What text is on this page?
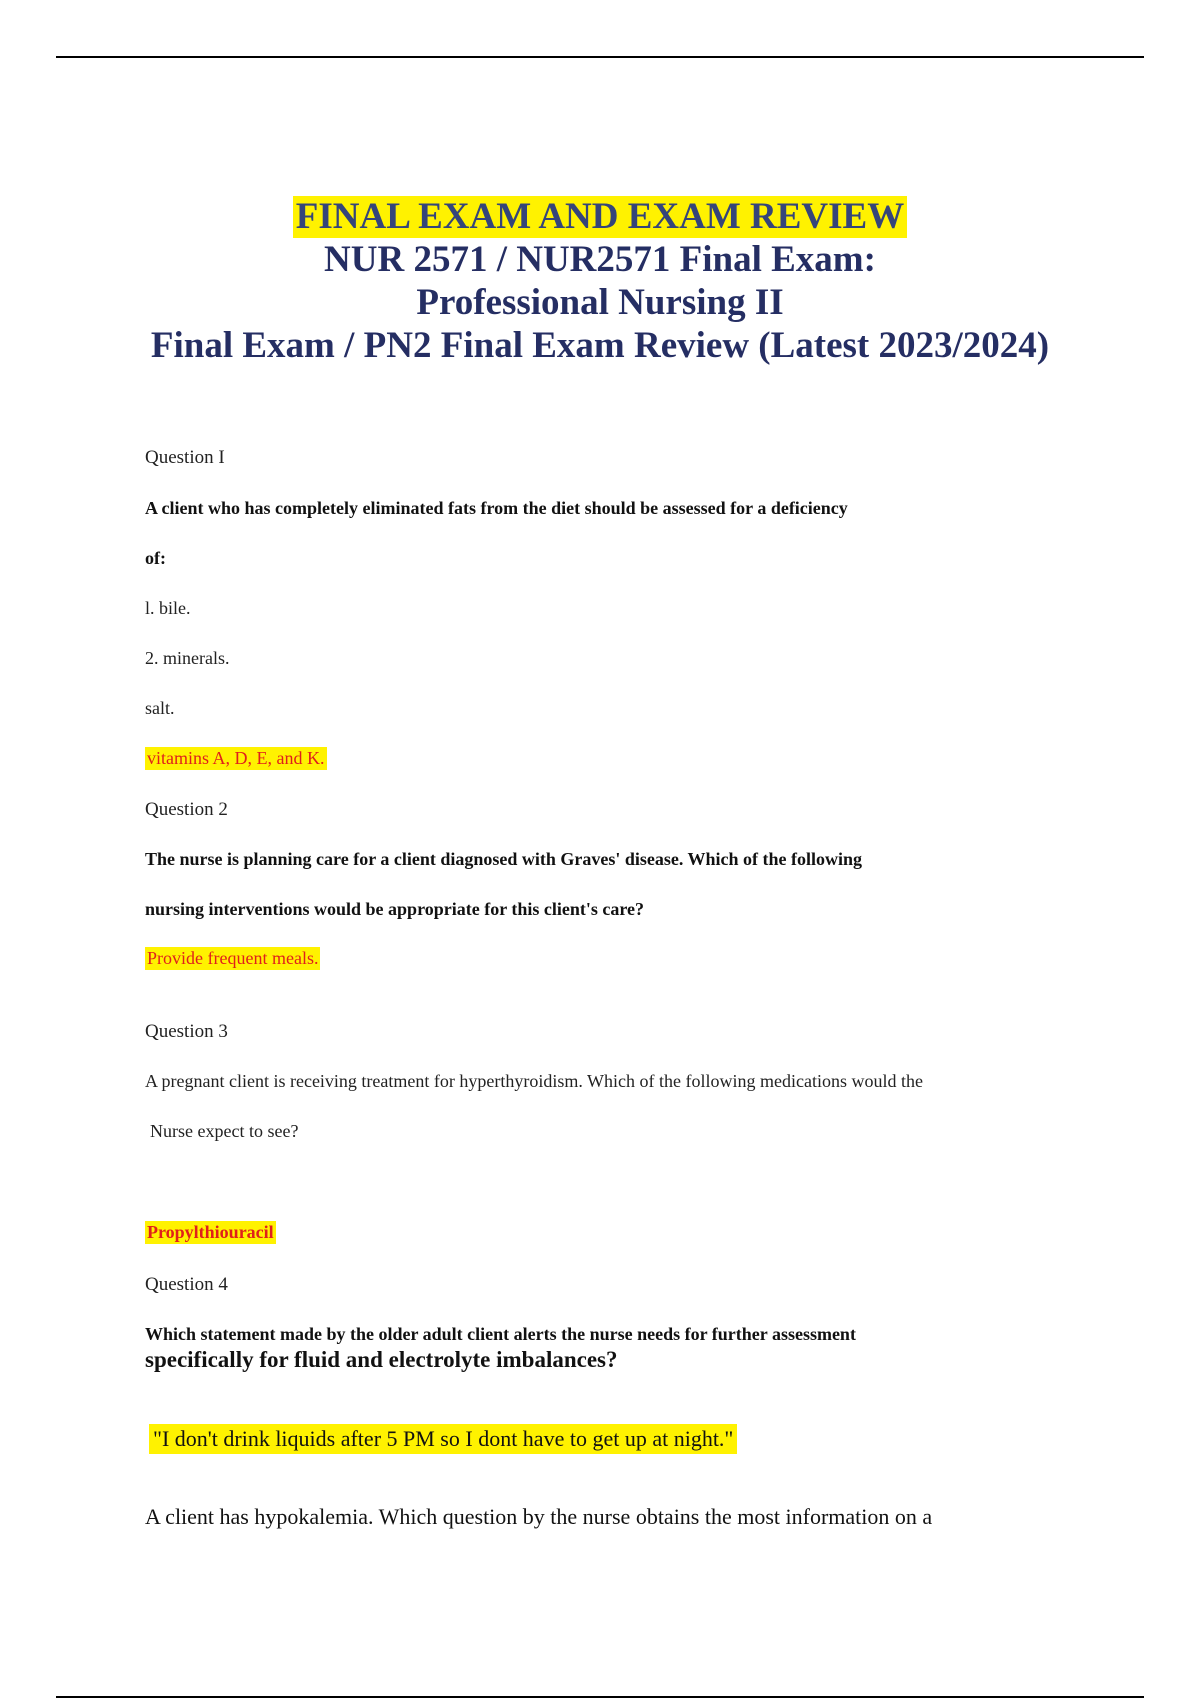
FINAL EXAM AND EXAM REVIEW
NUR 2571 / NUR2571 Final Exam:
Professional Nursing II
Final Exam / PN2 Final Exam Review (Latest 2023/2024)
Question I
A client who has completely eliminated fats from the diet should be assessed for a deficiency
of:
l. bile.
2. minerals.
salt.
vitamins A, D, E, and K.
Question 2
The nurse is planning care for a client diagnosed with Graves' disease. Which of the following
nursing interventions would be appropriate for this client's care?
Provide frequent meals.
Question 3
A pregnant client is receiving treatment for hyperthyroidism. Which of the following medications would the
Nurse expect to see?
Propylthiouracil
Question 4
Which statement made by the older adult client alerts the nurse needs for further assessment
specifically for fluid and electrolyte imbalances?
"I don't drink liquids after 5 PM so I dont have to get up at night."
A client has hypokalemia. Which question by the nurse obtains the most information on a
